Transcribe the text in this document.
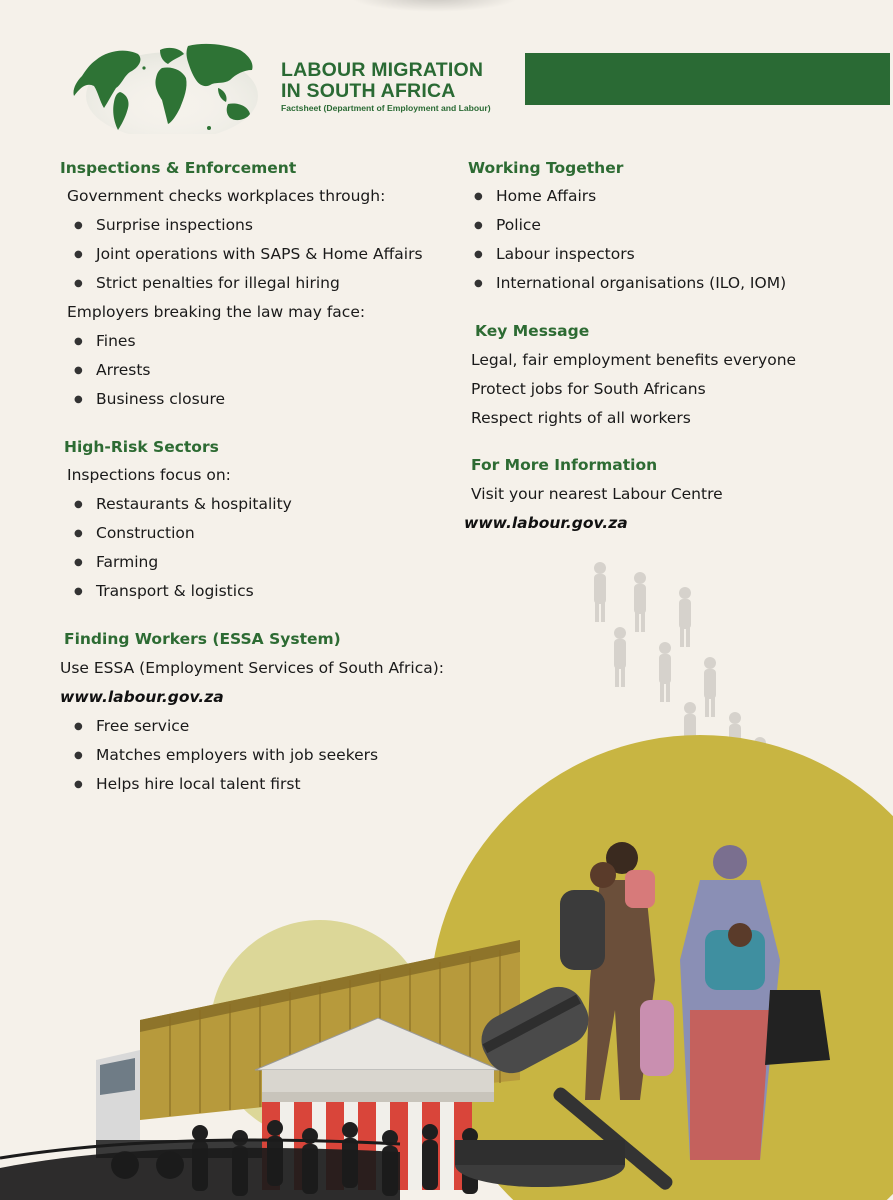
LABOUR MIGRATION
IN SOUTH AFRICA
Factsheet (Department of Employment and Labour)
Inspections & Enforcement
Government checks workplaces through:
● Surprise inspections
● Joint operations with SAPS & Home Affairs
● Strict penalties for illegal hiring
Employers breaking the law may face:
● Fines
● Arrests
● Business closure
High-Risk Sectors
Inspections focus on:
● Restaurants & hospitality
● Construction
● Farming
● Transport & logistics
Finding Workers (ESSA System)
Use ESSA (Employment Services of South Africa):
www.labour.gov.za
● Free service
● Matches employers with job seekers
● Helps hire local talent first
Working Together
● Home Affairs
● Police
● Labour inspectors
● International organisations (ILO, IOM)
Key Message
Legal, fair employment benefits everyone
Protect jobs for South Africans
Respect rights of all workers
For More Information
Visit your nearest Labour Centre
www.labour.gov.za
